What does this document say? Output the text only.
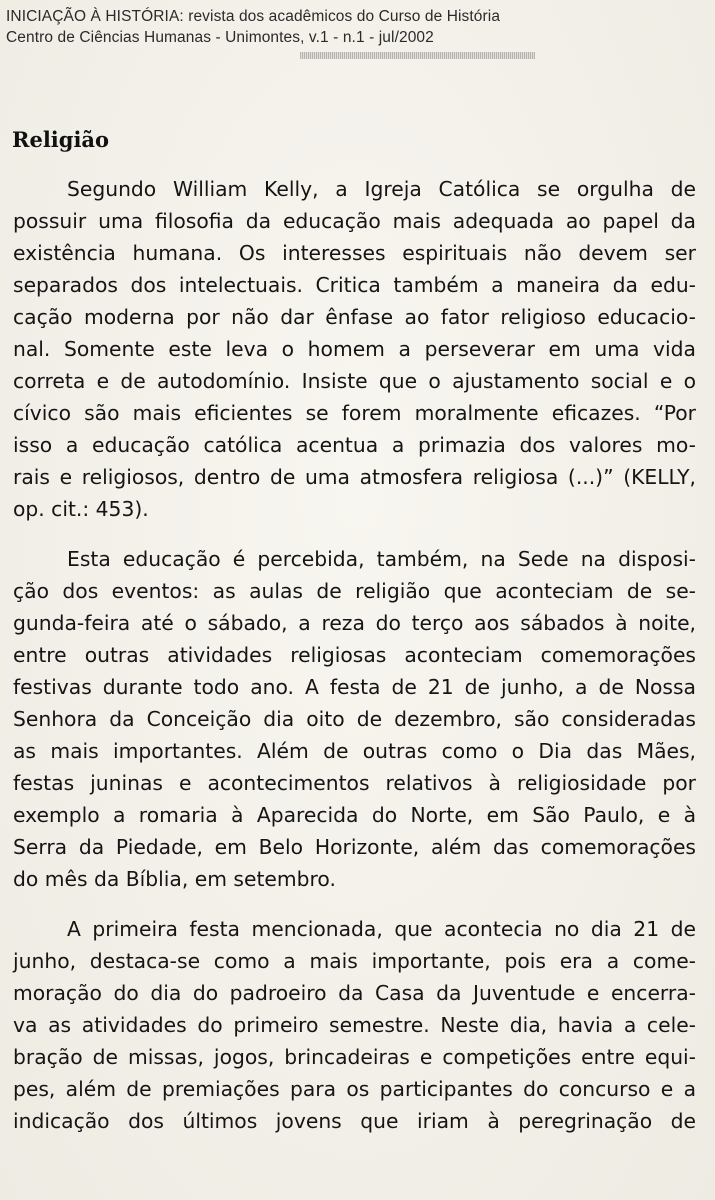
INICIAÇÃO À HISTÓRIA: revista dos acadêmicos do Curso de História
Centro de Ciências Humanas - Unimontes, v.1 - n.1 - jul/2002
Religião
Segundo William Kelly, a Igreja Católica se orgulha de
possuir uma filosofia da educação mais adequada ao papel da
existência humana. Os interesses espirituais não devem ser
separados dos intelectuais. Critica também a maneira da edu-
cação moderna por não dar ênfase ao fator religioso educacio-
nal. Somente este leva o homem a perseverar em uma vida
correta e de autodomínio. Insiste que o ajustamento social e o
cívico são mais eficientes se forem moralmente eficazes. “Por
isso a educação católica acentua a primazia dos valores mo-
rais e religiosos, dentro de uma atmosfera religiosa (...)” (KELLY,
op. cit.: 453).
Esta educação é percebida, também, na Sede na disposi-
ção dos eventos: as aulas de religião que aconteciam de se-
gunda-feira até o sábado, a reza do terço aos sábados à noite,
entre outras atividades religiosas aconteciam comemorações
festivas durante todo ano. A festa de 21 de junho, a de Nossa
Senhora da Conceição dia oito de dezembro, são consideradas
as mais importantes. Além de outras como o Dia das Mães,
festas juninas e acontecimentos relativos à religiosidade por
exemplo a romaria à Aparecida do Norte, em São Paulo, e à
Serra da Piedade, em Belo Horizonte, além das comemorações
do mês da Bíblia, em setembro.
A primeira festa mencionada, que acontecia no dia 21 de
junho, destaca-se como a mais importante, pois era a come-
moração do dia do padroeiro da Casa da Juventude e encerra-
va as atividades do primeiro semestre. Neste dia, havia a cele-
bração de missas, jogos, brincadeiras e competições entre equi-
pes, além de premiações para os participantes do concurso e a
indicação dos últimos jovens que iriam à peregrinação de
